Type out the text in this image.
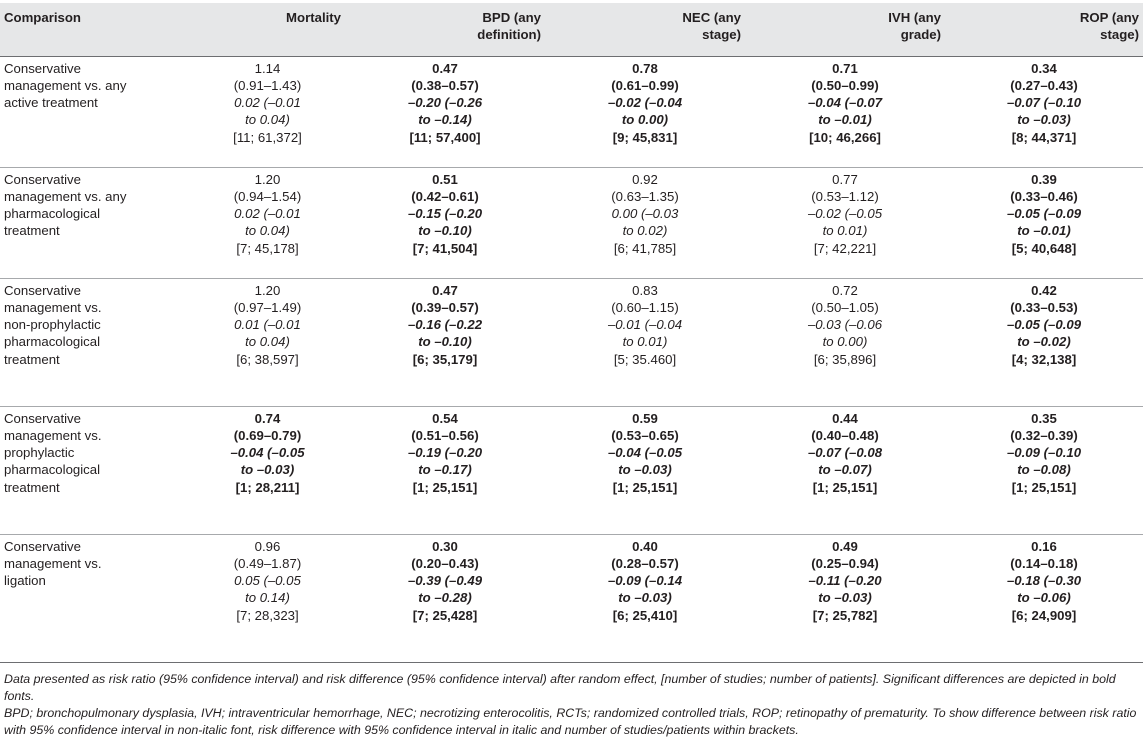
Comparison	Mortality	BPD (any
definition)	NEC (any
stage)	IVH (any
grade)	ROP (any
stage)

Conservative
management vs. any
active treatment	1.14
(0.91–1.43)
0.02 (–0.01
to 0.04)
[11; 61,372]	0.47
(0.38–0.57)
–0.20 (–0.26
to –0.14)
[11; 57,400]	0.78
(0.61–0.99)
–0.02 (–0.04
to 0.00)
[9; 45,831]	0.71
(0.50–0.99)
–0.04 (–0.07
to –0.01)
[10; 46,266]	0.34
(0.27–0.43)
–0.07 (–0.10
to –0.03)
[8; 44,371]

Conservative
management vs. any
pharmacological
treatment	1.20
(0.94–1.54)
0.02 (–0.01
to 0.04)
[7; 45,178]	0.51
(0.42–0.61)
–0.15 (–0.20
to –0.10)
[7; 41,504]	0.92
(0.63–1.35)
0.00 (–0.03
to 0.02)
[6; 41,785]	0.77
(0.53–1.12)
–0.02 (–0.05
to 0.01)
[7; 42,221]	0.39
(0.33–0.46)
–0.05 (–0.09
to –0.01)
[5; 40,648]

Conservative
management vs.
non-prophylactic
pharmacological
treatment	1.20
(0.97–1.49)
0.01 (–0.01
to 0.04)
[6; 38,597]	0.47
(0.39–0.57)
–0.16 (–0.22
to –0.10)
[6; 35,179]	0.83
(0.60–1.15)
–0.01 (–0.04
to 0.01)
[5; 35.460]	0.72
(0.50–1.05)
–0.03 (–0.06
to 0.00)
[6; 35,896]	0.42
(0.33–0.53)
–0.05 (–0.09
to –0.02)
[4; 32,138]

Conservative
management vs.
prophylactic
pharmacological
treatment	0.74
(0.69–0.79)
–0.04 (–0.05
to –0.03)
[1; 28,211]	0.54
(0.51–0.56)
–0.19 (–0.20
to –0.17)
[1; 25,151]	0.59
(0.53–0.65)
–0.04 (–0.05
to –0.03)
[1; 25,151]	0.44
(0.40–0.48)
–0.07 (–0.08
to –0.07)
[1; 25,151]	0.35
(0.32–0.39)
–0.09 (–0.10
to –0.08)
[1; 25,151]

Conservative
management vs.
ligation	0.96
(0.49–1.87)
0.05 (–0.05
to 0.14)
[7; 28,323]	0.30
(0.20–0.43)
–0.39 (–0.49
to –0.28)
[7; 25,428]	0.40
(0.28–0.57)
–0.09 (–0.14
to –0.03)
[6; 25,410]	0.49
(0.25–0.94)
–0.11 (–0.20
to –0.03)
[7; 25,782]	0.16
(0.14–0.18)
–0.18 (–0.30
to –0.06)
[6; 24,909]
Data presented as risk ratio (95% confidence interval) and risk difference (95% confidence interval) after random effect, [number of studies; number of patients]. Significant differences are depicted in bold fonts.
BPD; bronchopulmonary dysplasia, IVH; intraventricular hemorrhage, NEC; necrotizing enterocolitis, RCTs; randomized controlled trials, ROP; retinopathy of prematurity. To show difference between risk ratio with 95% confidence interval in non-italic font, risk difference with 95% confidence interval in italic and number of studies/patients within brackets.
